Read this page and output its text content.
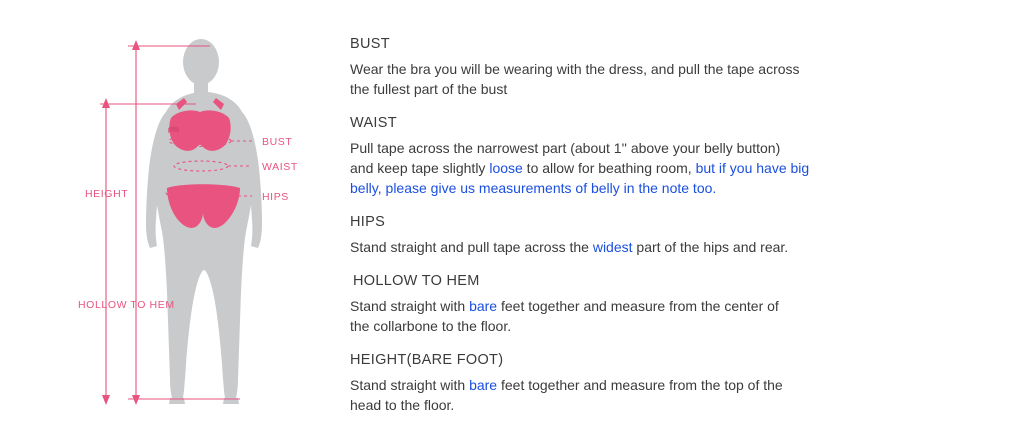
HEIGHT
HOLLOW TO HEM
BUST
WAIST
HIPS

BUST

Wear the bra you will be wearing with the dress, and pull the tape across
the fullest part of the bust

WAIST

Pull tape across the narrowest part (about 1'' above your belly button)
and keep tape slightly loose to allow for beathing room, but if you have big
belly, please give us measurements of belly in the note too.

HIPS

Stand straight and pull tape across the widest part of the hips and rear.

HOLLOW TO HEM

Stand straight with bare feet together and measure from the center of
the collarbone to the floor.

HEIGHT(BARE FOOT)

Stand straight with bare feet together and measure from the top of the
head to the floor.
